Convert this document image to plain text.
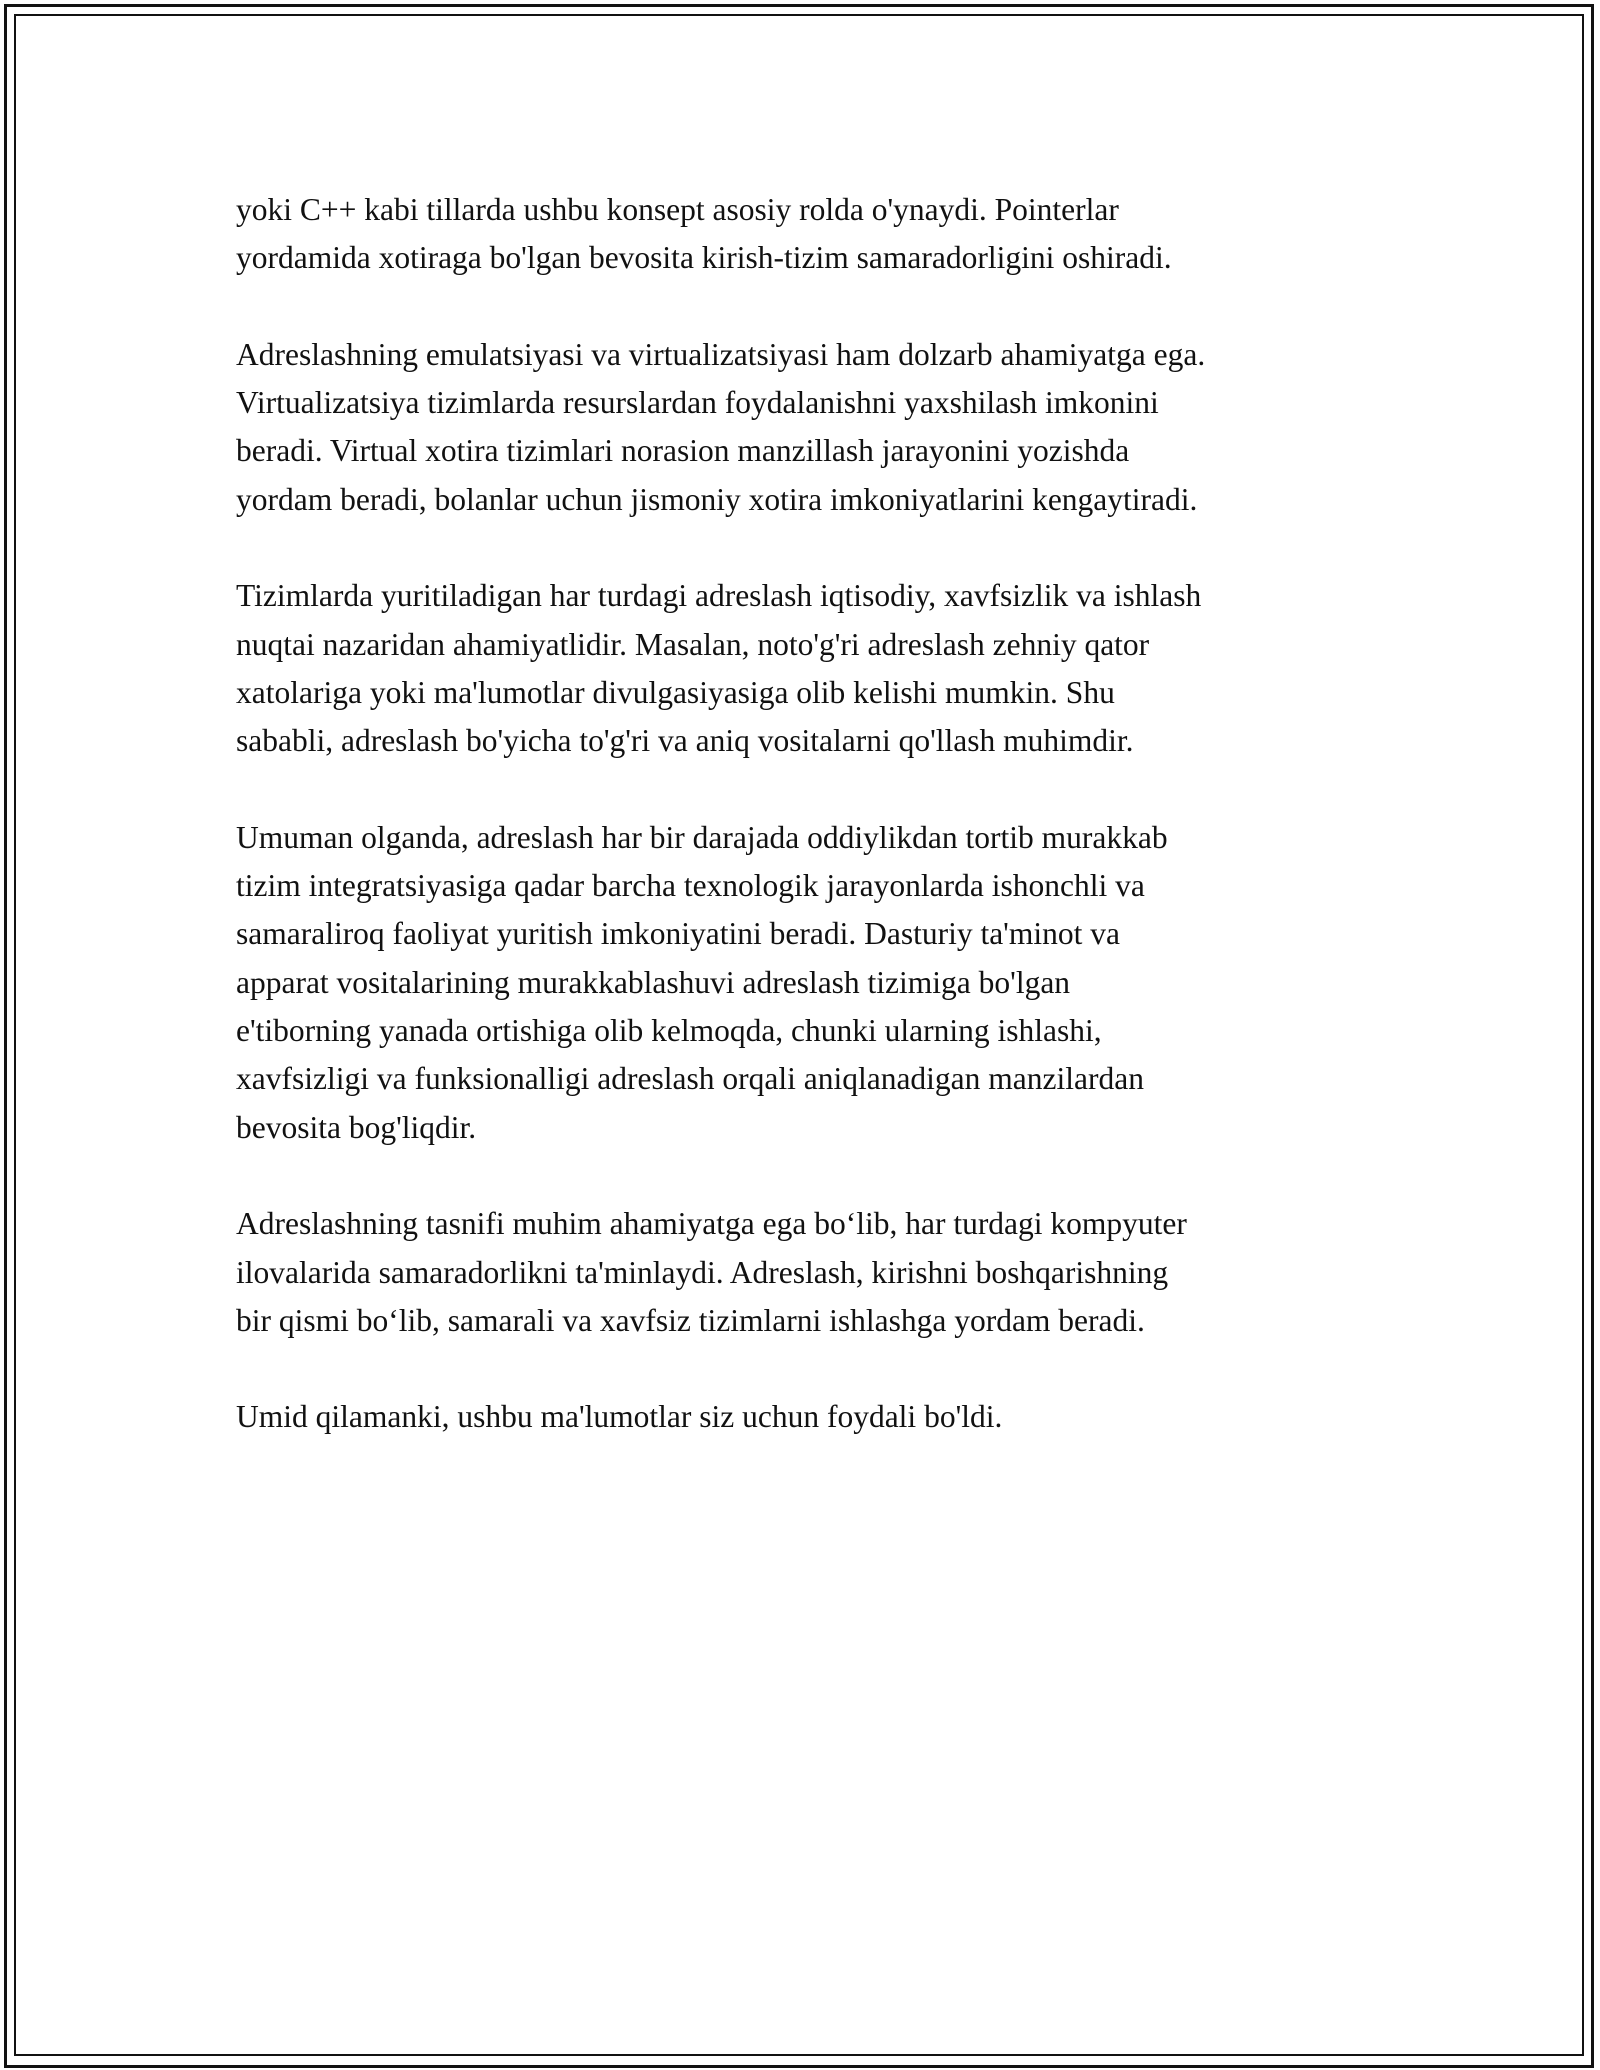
yoki C++ kabi tillarda ushbu konsept asosiy rolda o'ynaydi. Pointerlar
yordamida xotiraga bo'lgan bevosita kirish-tizim samaradorligini oshiradi.

Adreslashning emulatsiyasi va virtualizatsiyasi ham dolzarb ahamiyatga ega.
Virtualizatsiya tizimlarda resurslardan foydalanishni yaxshilash imkonini
beradi. Virtual xotira tizimlari norasion manzillash jarayonini yozishda
yordam beradi, bolanlar uchun jismoniy xotira imkoniyatlarini kengaytiradi.

Tizimlarda yuritiladigan har turdagi adreslash iqtisodiy, xavfsizlik va ishlash
nuqtai nazaridan ahamiyatlidir. Masalan, noto'g'ri adreslash zehniy qator
xatolariga yoki ma'lumotlar divulgasiyasiga olib kelishi mumkin. Shu
sababli, adreslash bo'yicha to'g'ri va aniq vositalarni qo'llash muhimdir.

Umuman olganda, adreslash har bir darajada oddiylikdan tortib murakkab
tizim integratsiyasiga qadar barcha texnologik jarayonlarda ishonchli va
samaraliroq faoliyat yuritish imkoniyatini beradi. Dasturiy ta'minot va
apparat vositalarining murakkablashuvi adreslash tizimiga bo'lgan
e'tiborning yanada ortishiga olib kelmoqda, chunki ularning ishlashi,
xavfsizligi va funksionalligi adreslash orqali aniqlanadigan manzilardan
bevosita bog'liqdir.

Adreslashning tasnifi muhim ahamiyatga ega bo‘lib, har turdagi kompyuter
ilovalarida samaradorlikni ta'minlaydi. Adreslash, kirishni boshqarishning
bir qismi bo‘lib, samarali va xavfsiz tizimlarni ishlashga yordam beradi.

Umid qilamanki, ushbu ma'lumotlar siz uchun foydali bo'ldi.
